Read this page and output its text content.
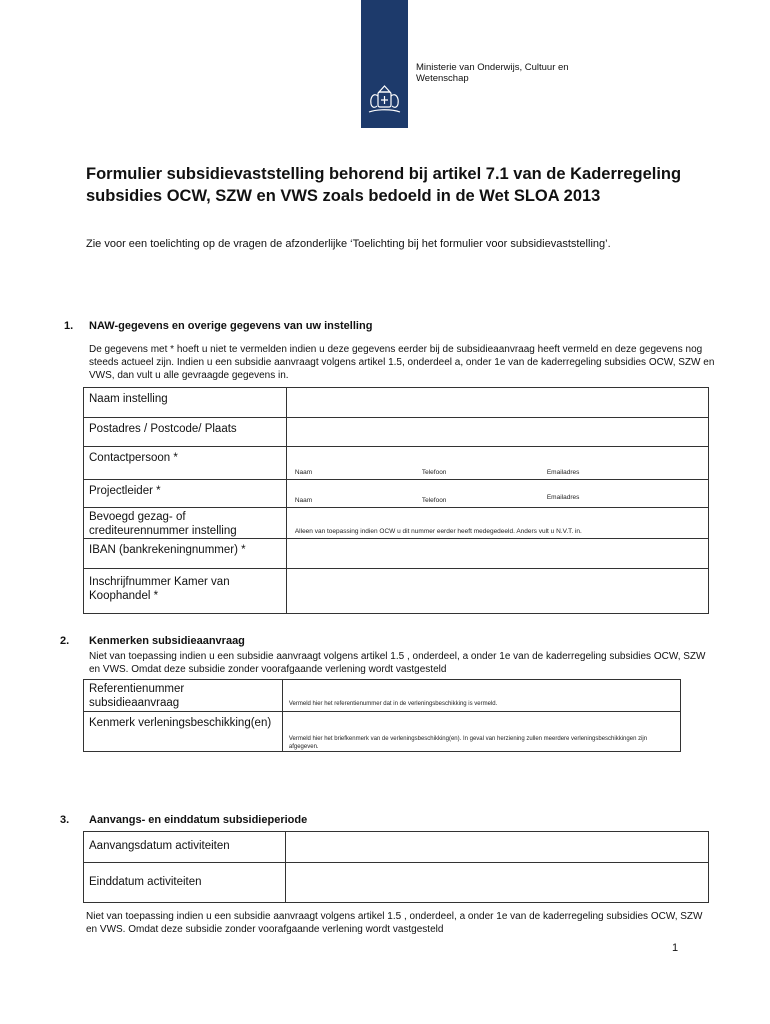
Ministerie van Onderwijs, Cultuur en
Wetenschap
Formulier subsidievaststelling behorend bij artikel 7.1 van de Kaderregeling subsidies OCW, SZW en VWS zoals bedoeld in de Wet SLOA 2013
Zie voor een toelichting op de vragen de afzonderlijke ‘Toelichting bij het formulier voor subsidievaststelling’.
1. NAW-gegevens en overige gegevens van uw instelling
De gegevens met * hoeft u niet te vermelden indien u deze gegevens eerder bij de subsidieaanvraag heeft vermeld en deze gegevens nog steeds actueel zijn. Indien u een subsidie aanvraagt volgens artikel 1.5, onderdeel a, onder 1e van de kaderregeling subsidies OCW, SZW en VWS, dan vult u alle gevraagde gegevens in.
Naam instelling	
Postadres / Postcode/ Plaats	
Contactpersoon *	Naam Telefoon Emailadres

Projectleider *	Naam Telefoon Emailadres

Bevoegd gezag- of crediteurennummer instelling	Alleen van toepassing indien OCW u dit nummer eerder heeft medegedeeld. Anders vult u N.V.T. in.

IBAN (bankrekeningnummer) *	
Inschrijfnummer Kamer van Koophandel *	
2. Kenmerken subsidieaanvraag
Niet van toepassing indien u een subsidie aanvraagt volgens artikel 1.5 , onderdeel, a onder 1e van de kaderregeling subsidies OCW, SZW en VWS. Omdat deze subsidie zonder voorafgaande verlening wordt vastgesteld
Referentienummer subsidieaanvraag	Vermeld hier het referentienummer dat in de verleningsbeschikking is vermeld.

Kenmerk verleningsbeschikking(en)	Vermeld hier het briefkenmerk van de verleningsbeschikking(en). In geval van herziening zullen meerdere verleningsbeschikkingen zijn afgegeven.
3. Aanvangs- en einddatum subsidieperiode
Aanvangsdatum activiteiten	
Einddatum activiteiten	
Niet van toepassing indien u een subsidie aanvraagt volgens artikel 1.5 , onderdeel, a onder 1e van de kaderregeling subsidies OCW, SZW en VWS. Omdat deze subsidie zonder voorafgaande verlening wordt vastgesteld
1
